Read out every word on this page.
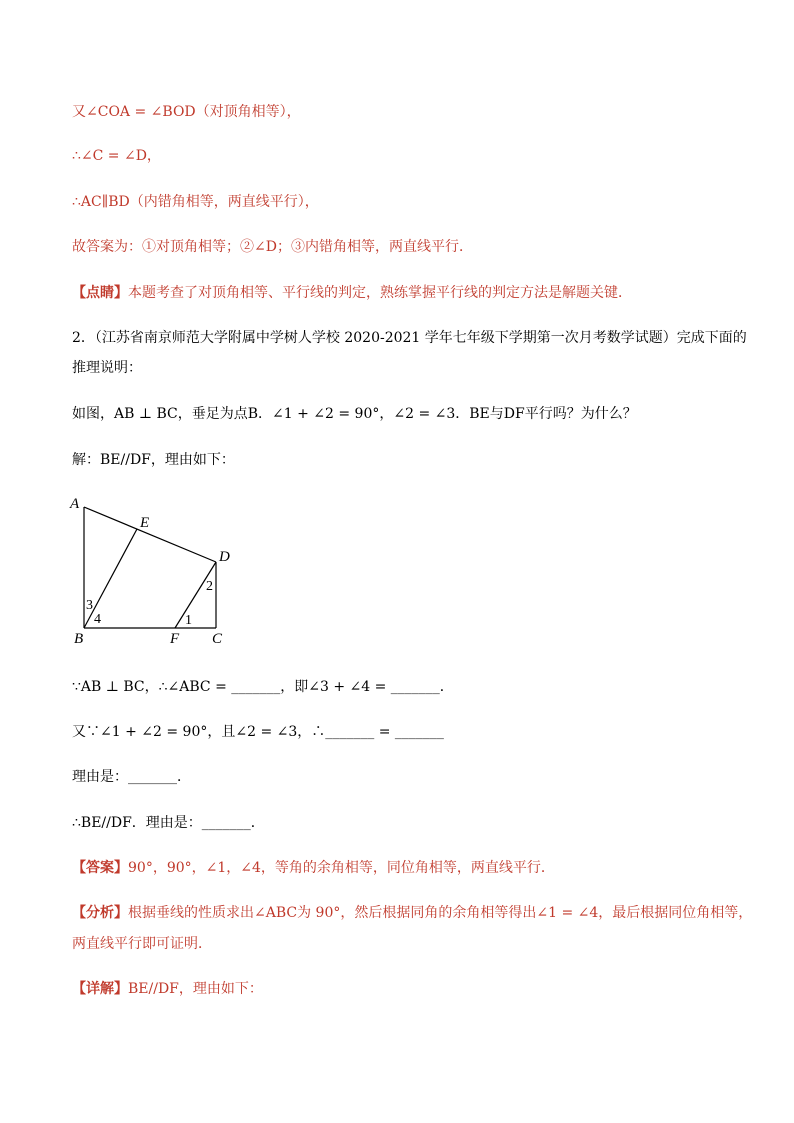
又∠COA = ∠BOD（对顶角相等），
∴∠C = ∠D，
∴AC∥BD（内错角相等，两直线平行），
故答案为：①对顶角相等；②∠D；③内错角相等，两直线平行．
【点睛】本题考查了对顶角相等、平行线的判定，熟练掌握平行线的判定方法是解题关键．
2．（江苏省南京师范大学附属中学树人学校 2020-2021 学年七年级下学期第一次月考数学试题）完成下面的
推理说明：
如图，AB ⊥ BC，垂足为点B．∠1 + ∠2 = 90°，∠2 = ∠3．BE与DF平行吗？为什么？
解：BE//DF，理由如下：
A
E
D
B	F C
1
2
3
4
∵AB ⊥ BC，∴∠ABC = _______，即∠3 + ∠4 = _______．
又∵∠1 + ∠2 = 90°，且∠2 = ∠3，∴_______ = _______
理由是：_______．
∴BE//DF．理由是：_______．
【答案】90°，90°，∠1，∠4，等角的余角相等，同位角相等，两直线平行．
【分析】根据垂线的性质求出∠ABC为 90°，然后根据同角的余角相等得出∠1 = ∠4，最后根据同位角相等，
两直线平行即可证明．
【详解】BE//DF，理由如下：
